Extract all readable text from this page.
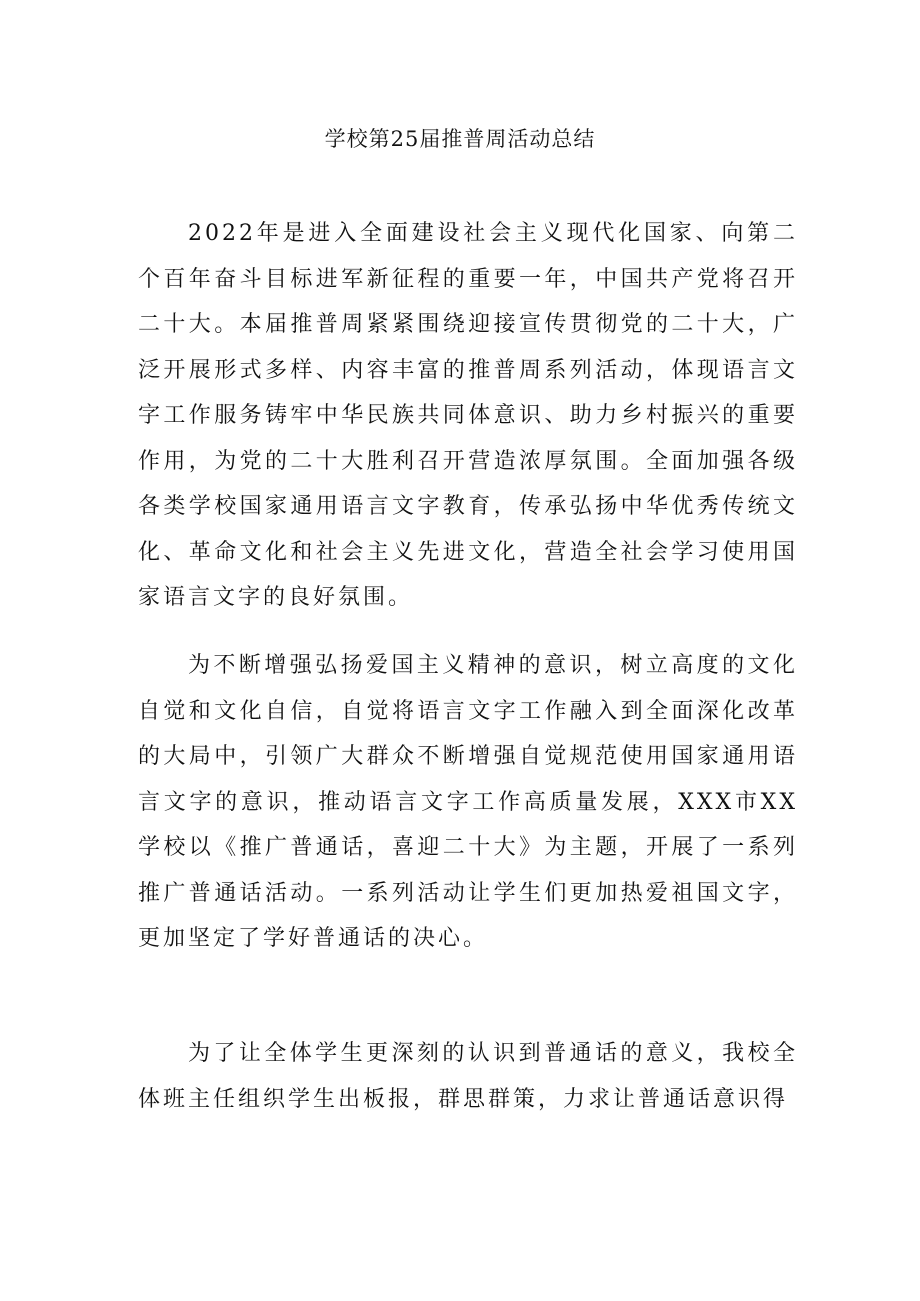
学校第25届推普周活动总结

2022年是进入全面建设社会主义现代化国家、向第二个百年奋斗目标进军新征程的重要一年，中国共产党将召开二十大。本届推普周紧紧围绕迎接宣传贯彻党的二十大，广泛开展形式多样、内容丰富的推普周系列活动，体现语言文字工作服务铸牢中华民族共同体意识、助力乡村振兴的重要作用，为党的二十大胜利召开营造浓厚氛围。全面加强各级各类学校国家通用语言文字教育，传承弘扬中华优秀传统文化、革命文化和社会主义先进文化，营造全社会学习使用国家语言文字的良好氛围。

为不断增强弘扬爱国主义精神的意识，树立高度的文化自觉和文化自信，自觉将语言文字工作融入到全面深化改革的大局中，引领广大群众不断增强自觉规范使用国家通用语言文字的意识，推动语言文字工作高质量发展，XXX市XX学校以《推广普通话，喜迎二十大》为主题，开展了一系列推广普通话活动。一系列活动让学生们更加热爱祖国文字，更加坚定了学好普通话的决心。

为了让全体学生更深刻的认识到普通话的意义，我校全体班主任组织学生出板报，群思群策，力求让普通话意识得
